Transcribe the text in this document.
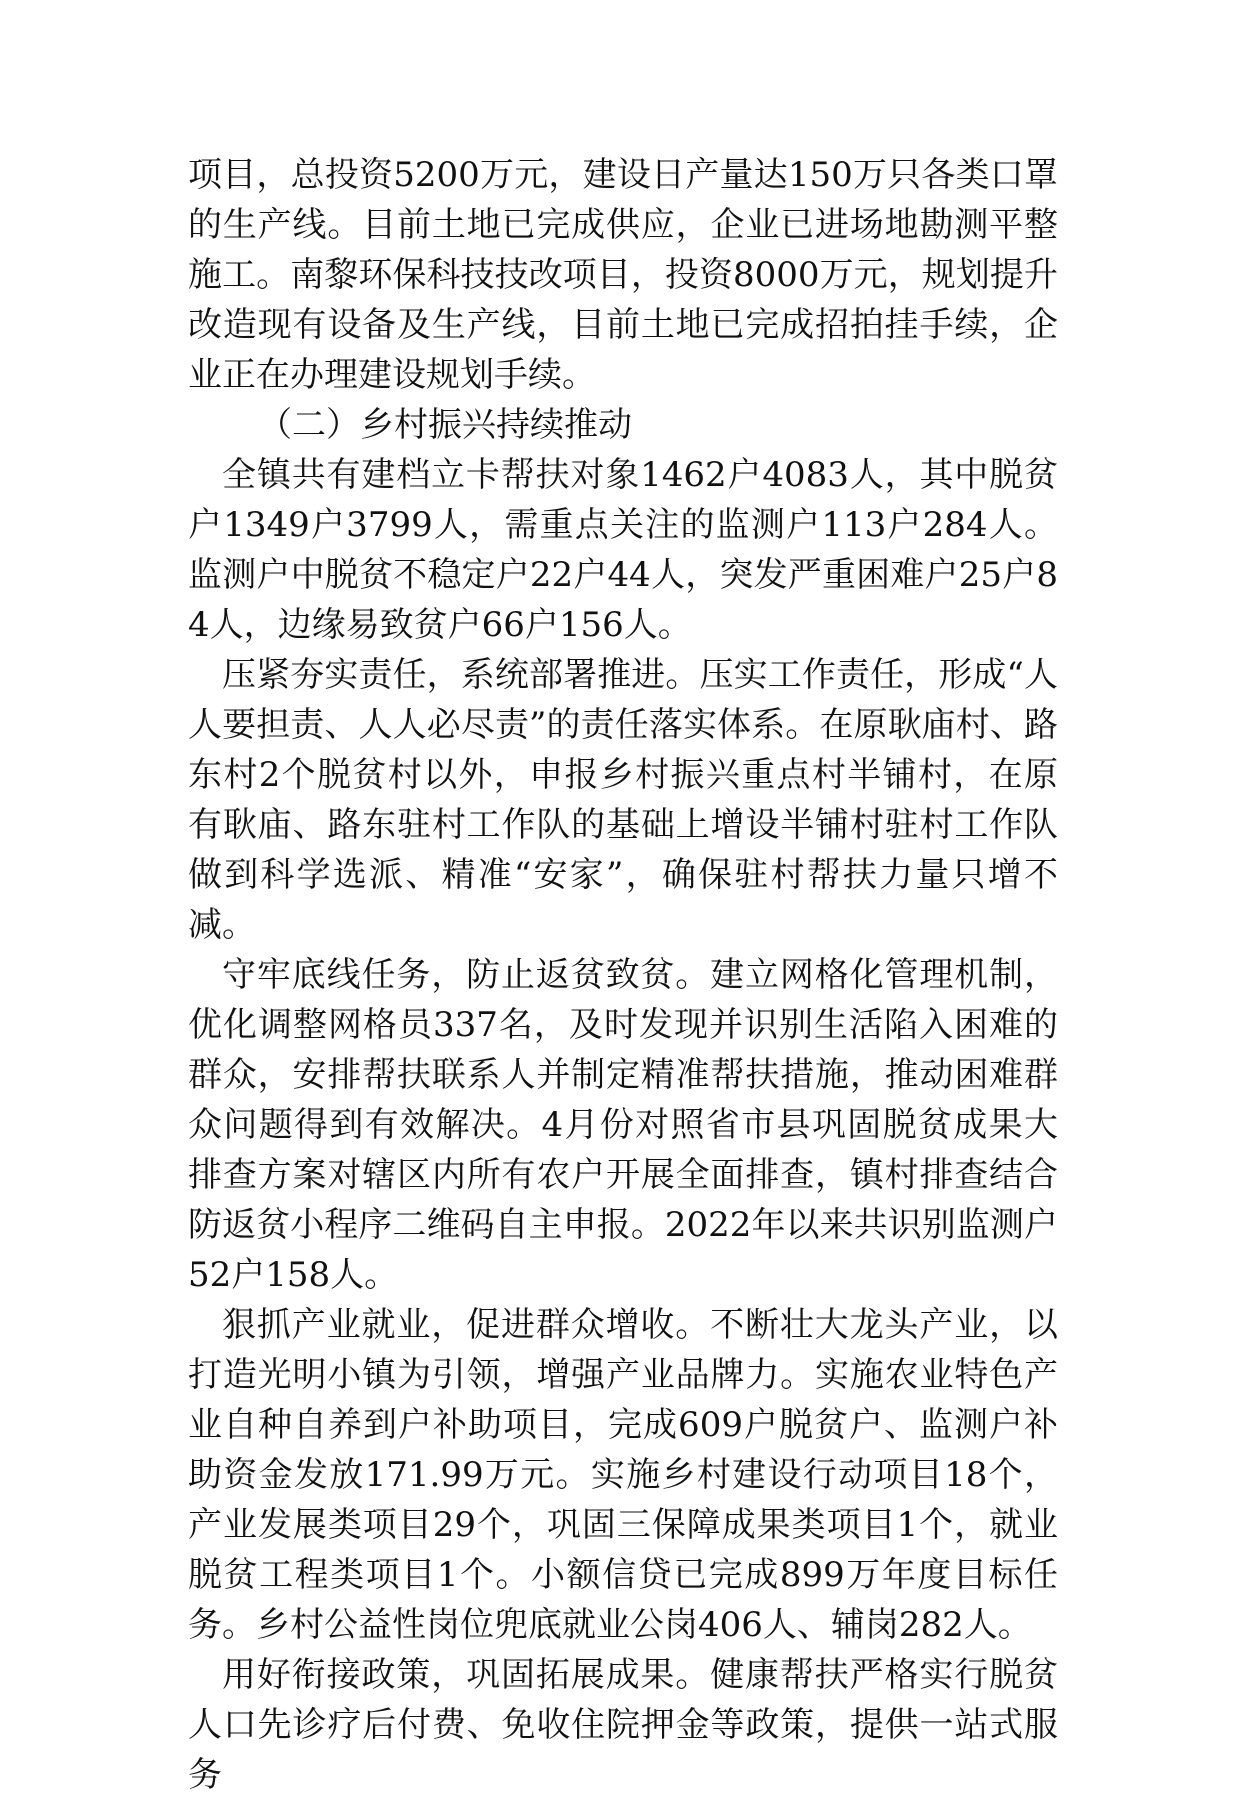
项目，总投资5200万元，建设日产量达150万只各类口罩的生产线。目前土地已完成供应，企业已进场地勘测平整施工。南黎环保科技技改项目，投资8000万元，规划提升改造现有设备及生产线，目前土地已完成招拍挂手续，企业正在办理建设规划手续。

（二）乡村振兴持续推动

全镇共有建档立卡帮扶对象1462户4083人，其中脱贫户1349户3799人，需重点关注的监测户113户284人。监测户中脱贫不稳定户22户44人，突发严重困难户25户84人，边缘易致贫户66户156人。

压紧夯实责任，系统部署推进。压实工作责任，形成“人人要担责、人人必尽责”的责任落实体系。在原耿庙村、路东村2个脱贫村以外，申报乡村振兴重点村半铺村，在原有耿庙、路东驻村工作队的基础上增设半铺村驻村工作队做到科学选派、精准“安家”，确保驻村帮扶力量只增不减。

守牢底线任务，防止返贫致贫。建立网格化管理机制，优化调整网格员337名，及时发现并识别生活陷入困难的群众，安排帮扶联系人并制定精准帮扶措施，推动困难群众问题得到有效解决。4月份对照省市县巩固脱贫成果大排查方案对辖区内所有农户开展全面排查，镇村排查结合防返贫小程序二维码自主申报。2022年以来共识别监测户52户158人。

狠抓产业就业，促进群众增收。不断壮大龙头产业，以打造光明小镇为引领，增强产业品牌力。实施农业特色产业自种自养到户补助项目，完成609户脱贫户、监测户补助资金发放171.99万元。实施乡村建设行动项目18个，产业发展类项目29个，巩固三保障成果类项目1个，就业脱贫工程类项目1个。小额信贷已完成899万年度目标任务。乡村公益性岗位兜底就业公岗406人、辅岗282人。

用好衔接政策，巩固拓展成果。健康帮扶严格实行脱贫人口先诊疗后付费、免收住院押金等政策，提供一站式服务
